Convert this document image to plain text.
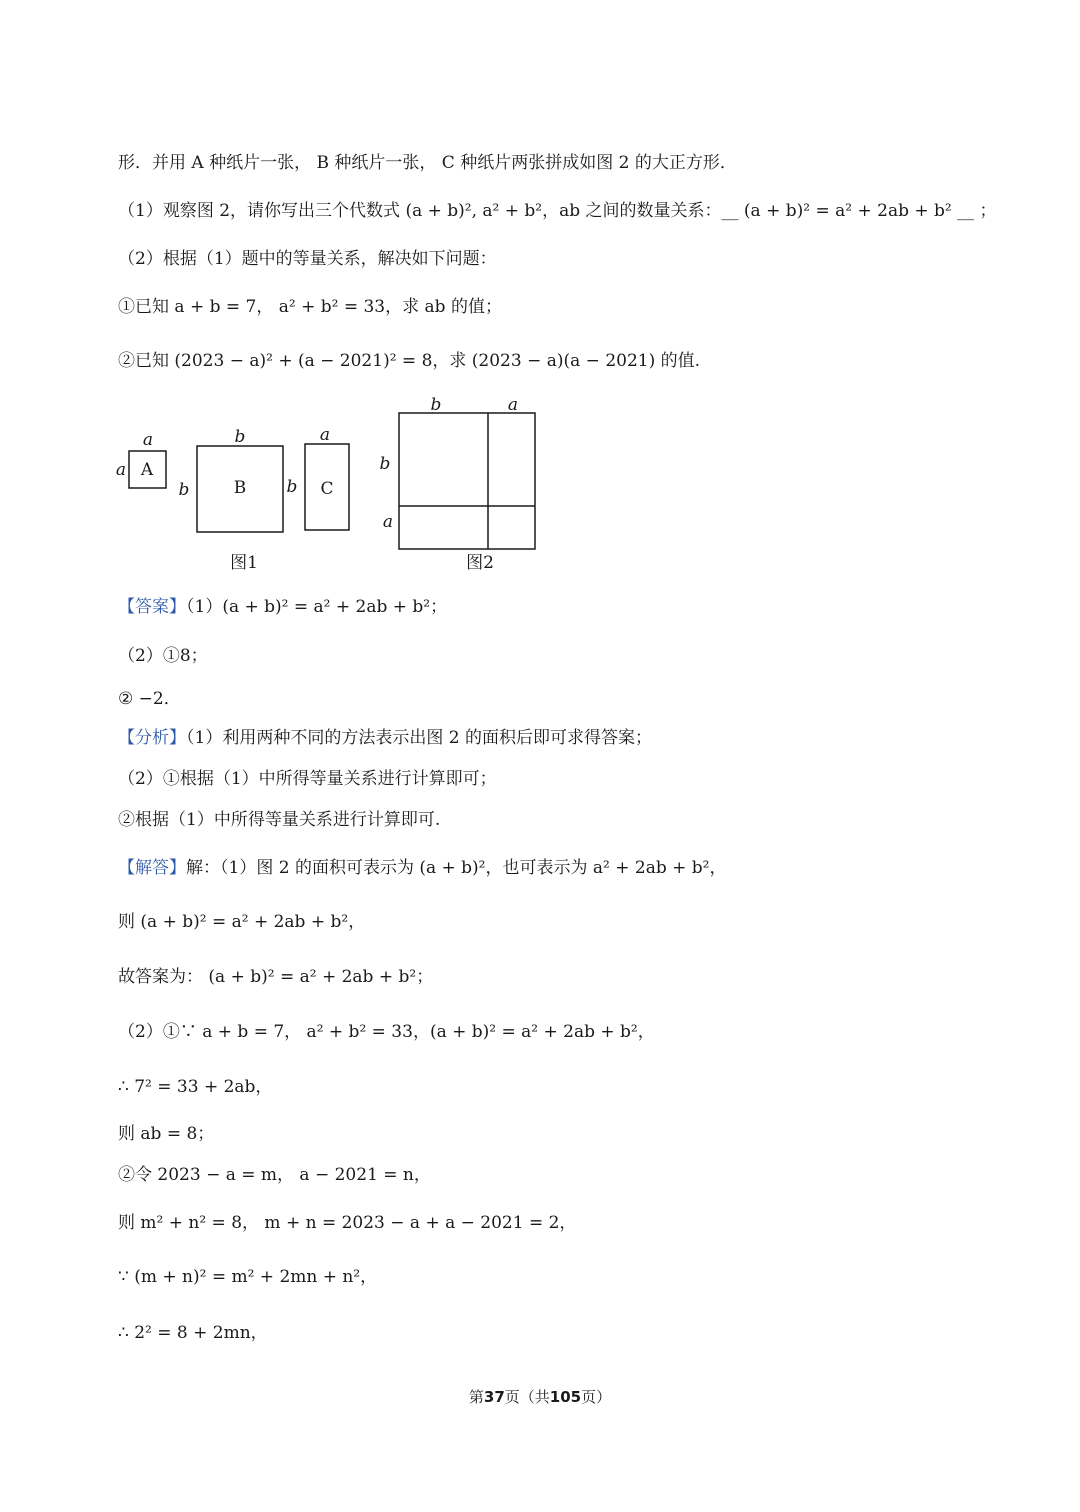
形．并用 A 种纸片一张， B 种纸片一张， C 种纸片两张拼成如图 2 的大正方形．
（1）观察图 2，请你写出三个代数式 (a + b)², a² + b²，ab 之间的数量关系：__ (a + b)² = a² + 2ab + b² __ ；
（2）根据（1）题中的等量关系，解决如下问题：
①已知 a + b = 7， a² + b² = 33，求 ab 的值；
②已知 (2023 − a)² + (a − 2021)² = 8，求 (2023 − a)(a − 2021) 的值.
A
a
a
B
b
b	C
a
b
图1
b	a
b
a
图2
【答案】（1）(a + b)² = a² + 2ab + b²；
（2）①8；
② −2．
【分析】（1）利用两种不同的方法表示出图 2 的面积后即可求得答案；
（2）①根据（1）中所得等量关系进行计算即可；
②根据（1）中所得等量关系进行计算即可.
【解答】解：（1）图 2 的面积可表示为 (a + b)²，也可表示为 a² + 2ab + b²，
则 (a + b)² = a² + 2ab + b²，
故答案为： (a + b)² = a² + 2ab + b²；
（2）①∵ a + b = 7， a² + b² = 33，(a + b)² = a² + 2ab + b²，
∴ 7² = 33 + 2ab，
则 ab = 8；
②令 2023 − a = m， a − 2021 = n，
则 m² + n² = 8， m + n = 2023 − a + a − 2021 = 2，
∵ (m + n)² = m² + 2mn + n²，
∴ 2² = 8 + 2mn，
第37页（共105页）
